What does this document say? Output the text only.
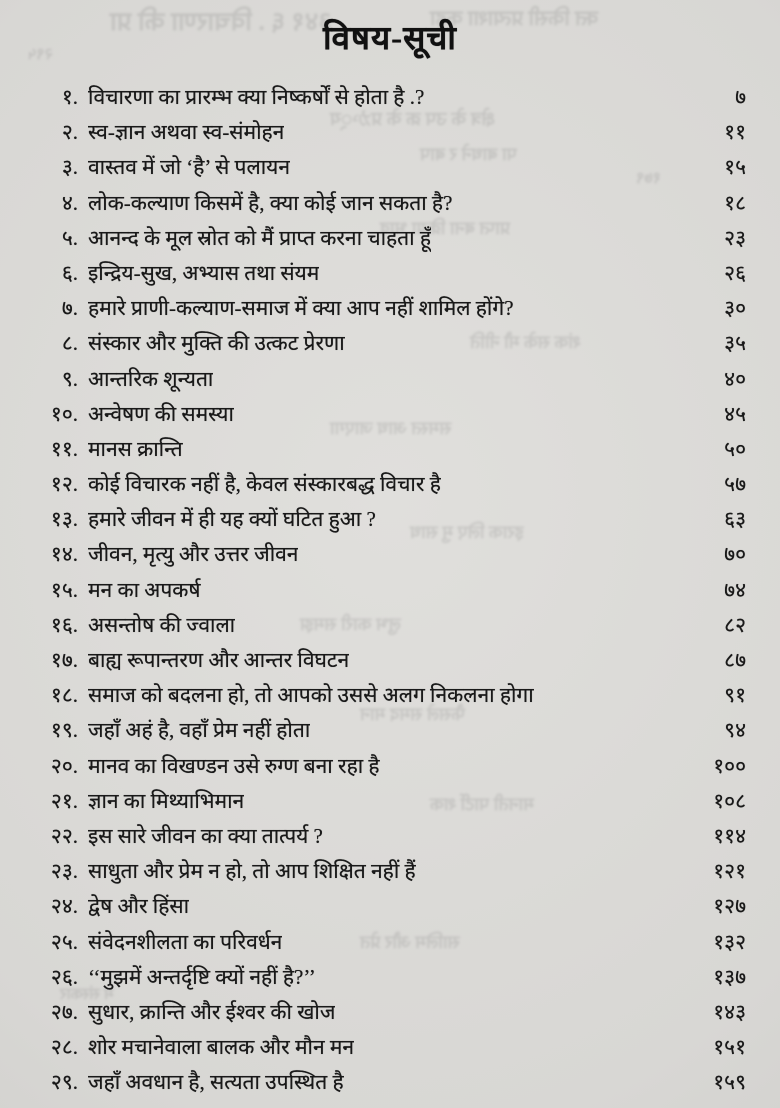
३४१ ६ . विचारणा की प्रा	क्त किसी प्रत्याशा कहा
२९५
क्षेत्र के उप क्र के प्रか्य
पा बाधने र बाप
१७९
प्राप्त बना क्रिया भाव
शंक सके मौ नीति
समस्त आध जाएगा
इराक लिए मु साध
लुभ कारी समझ
फैसले समद मान
मानती पार्टी शक
सालिम और प्रेत
म संस्कार
विषय-सूची
१. विचारणा का प्रारम्भ क्या निष्कर्षों से होता है .?	७
२. स्व-ज्ञान अथवा स्व-संमोहन	११
३. वास्तव में जो ‘है’ से पलायन	१५
४. लोक-कल्याण किसमें है, क्या कोई जान सकता है?	१८
५. आनन्द के मूल स्रोत को मैं प्राप्त करना चाहता हूँ	२३
६. इन्द्रिय-सुख, अभ्यास तथा संयम	२६
७. हमारे प्राणी-कल्याण-समाज में क्या आप नहीं शामिल होंगे?	३०
८. संस्कार और मुक्ति की उत्कट प्रेरणा	३५
९. आन्तरिक शून्यता	४०
१०. अन्वेषण की समस्या	४५
११. मानस क्रान्ति	५०
१२. कोई विचारक नहीं है, केवल संस्कारबद्ध विचार है	५७
१३. हमारे जीवन में ही यह क्यों घटित हुआ ?	६३
१४. जीवन, मृत्यु और उत्तर जीवन	७०
१५. मन का अपकर्ष	७४
१६. असन्तोष की ज्वाला	८२
१७. बाह्य रूपान्तरण और आन्तर विघटन	८७
१८. समाज को बदलना हो, तो आपको उससे अलग निकलना होगा	९१
१९. जहाँ अहं है, वहाँ प्रेम नहीं होता	९४
२०. मानव का विखण्डन उसे रुग्ण बना रहा है	१००
२१. ज्ञान का मिथ्याभिमान	१०८
२२. इस सारे जीवन का क्या तात्पर्य ?	११४
२३. साधुता और प्रेम न हो, तो आप शिक्षित नहीं हैं	१२१
२४. द्वेष और हिंसा	१२७
२५. संवेदनशीलता का परिवर्धन	१३२
२६. ‘‘मुझमें अन्तर्दृष्टि क्यों नहीं है?’’	१३७
२७. सुधार, क्रान्ति और ईश्वर की खोज	१४३
२८. शोर मचानेवाला बालक और मौन मन	१५१
२९. जहाँ अवधान है, सत्यता उपस्थित है	१५९
